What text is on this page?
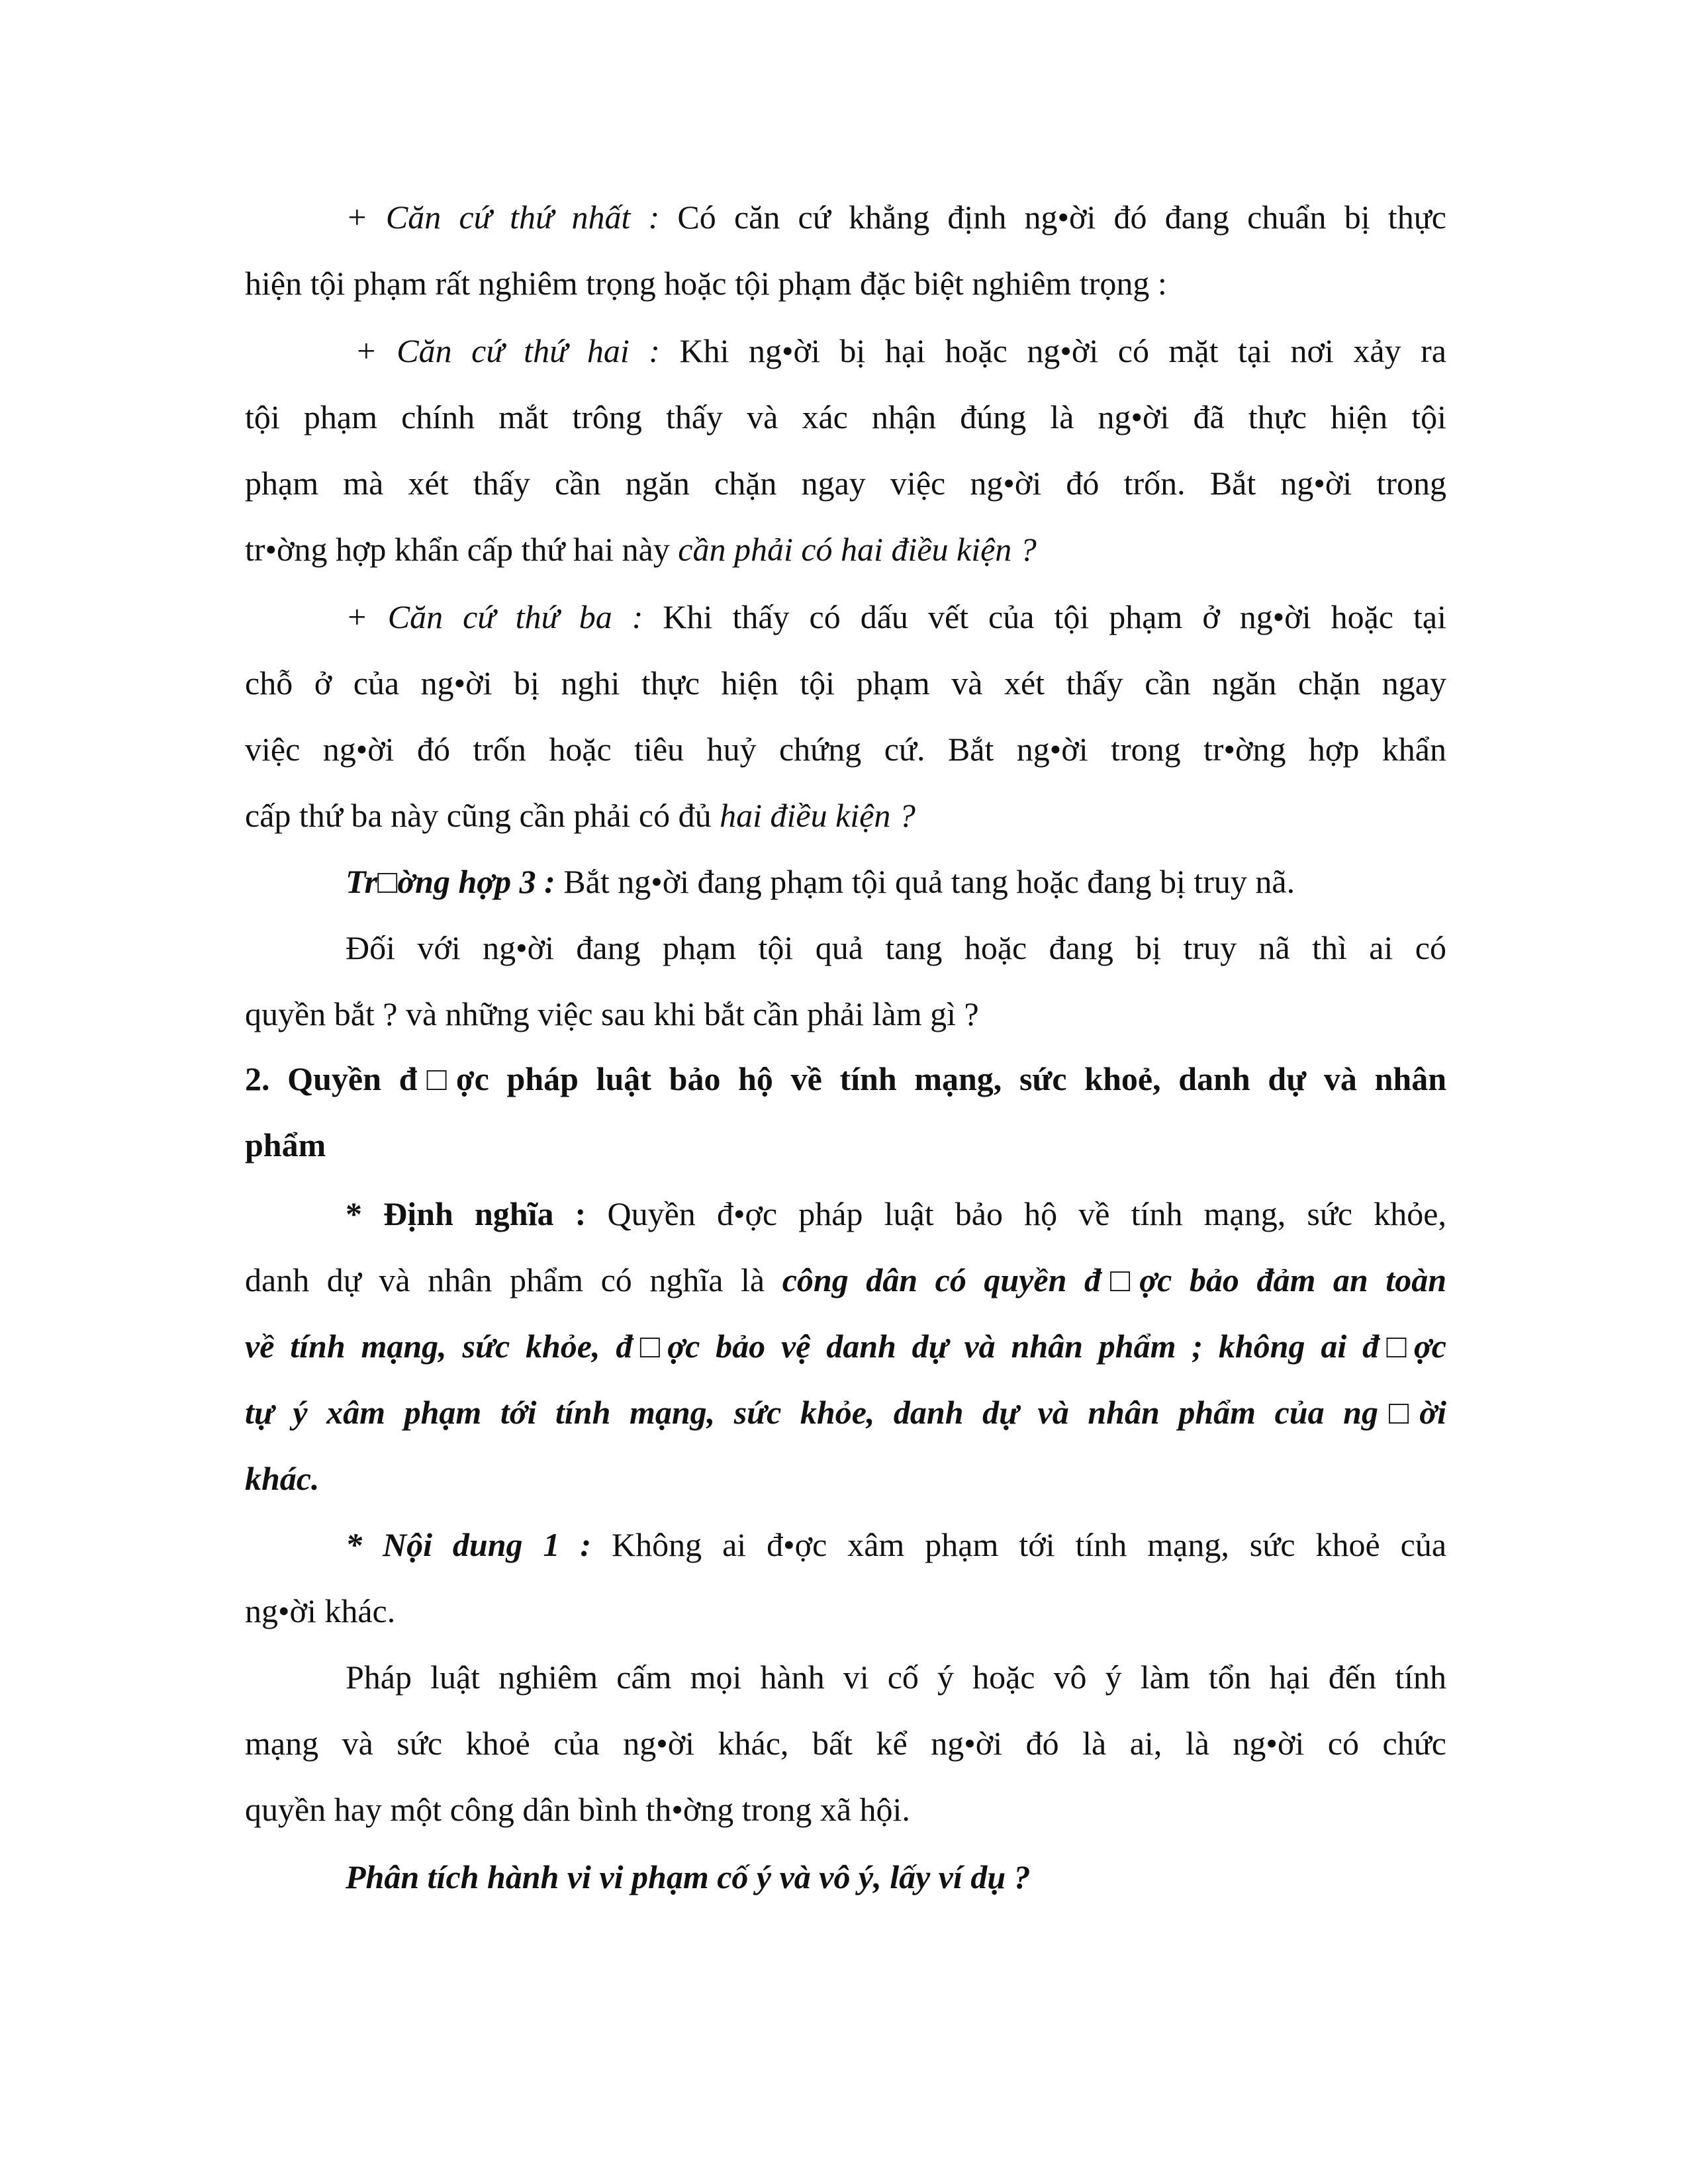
+ Căn cứ thứ nhất : Có căn cứ khẳng định ng•ời đó đang chuẩn bị thực
hiện tội phạm rất nghiêm trọng hoặc tội phạm đặc biệt nghiêm trọng :
+ Căn cứ thứ hai : Khi ng•ời bị hại hoặc ng•ời có mặt tại nơi xảy ra
tội phạm chính mắt trông thấy và xác nhận đúng là ng•ời đã thực hiện tội
phạm mà xét thấy cần ngăn chặn ngay việc ng•ời đó trốn. Bắt ng•ời trong
tr•ờng hợp khẩn cấp thứ hai này cần phải có hai điều kiện ?
+ Căn cứ thứ ba : Khi thấy có dấu vết của tội phạm ở ng•ời hoặc tại
chỗ ở của ng•ời bị nghi thực hiện tội phạm và xét thấy cần ngăn chặn ngay
việc ng•ời đó trốn hoặc tiêu huỷ chứng cứ. Bắt ng•ời trong tr•ờng hợp khẩn
cấp thứ ba này cũng cần phải có đủ hai điều kiện ?
Tr□ờng hợp 3 : Bắt ng•ời đang phạm tội quả tang hoặc đang bị truy nã.
Đối với ng•ời đang phạm tội quả tang hoặc đang bị truy nã thì ai có
quyền bắt ? và những việc sau khi bắt cần phải làm gì ?
2. Quyền đ□ợc pháp luật bảo hộ về tính mạng, sức khoẻ, danh dự và nhân
phẩm
* Định nghĩa : Quyền đ•ợc pháp luật bảo hộ về tính mạng, sức khỏe,
danh dự và nhân phẩm có nghĩa là công dân có quyền đ□ợc bảo đảm an toàn
về tính mạng, sức khỏe, đ□ợc bảo vệ danh dự và nhân phẩm ; không ai đ□ợc
tự ý xâm phạm tới tính mạng, sức khỏe, danh dự và nhân phẩm của ng□ời
khác.
* Nội dung 1 : Không ai đ•ợc xâm phạm tới tính mạng, sức khoẻ của
ng•ời khác.
Pháp luật nghiêm cấm mọi hành vi cố ý hoặc vô ý làm tổn hại đến tính
mạng và sức khoẻ của ng•ời khác, bất kể ng•ời đó là ai, là ng•ời có chức
quyền hay một công dân bình th•ờng trong xã hội.
Phân tích hành vi vi phạm cố ý và vô ý, lấy ví dụ ?
